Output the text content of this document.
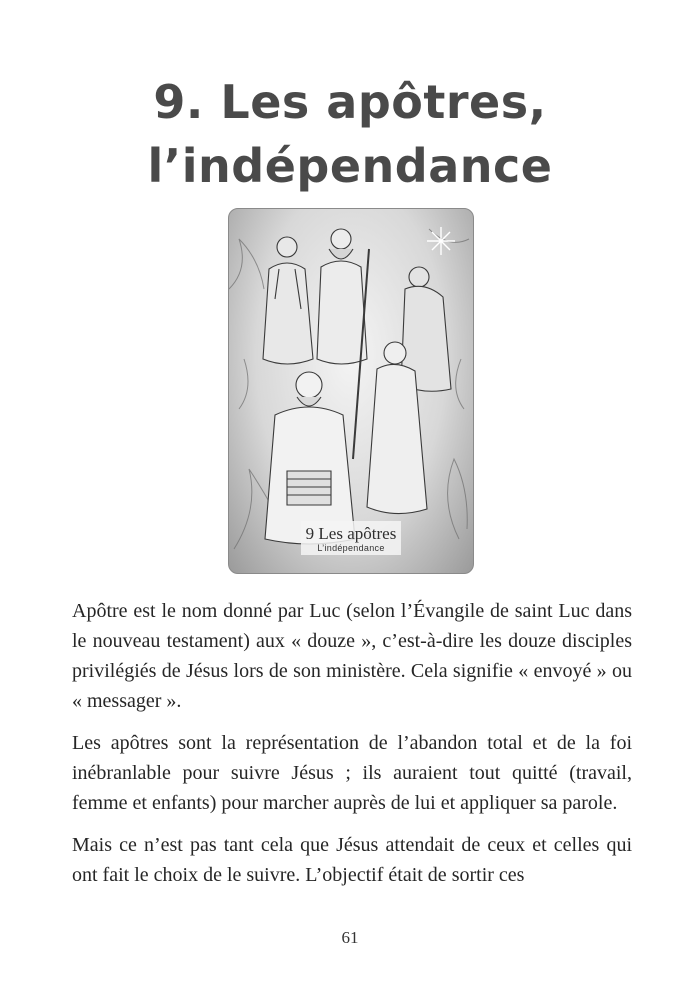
9. Les apôtres,
l’indépendance
9 Les apôtres
L’indépendance

Apôtre est le nom donné par Luc (selon l’Évangile de saint Luc dans le nouveau testament) aux « douze », c’est-à-dire les douze disciples privilégiés de Jésus lors de son ministère. Cela signifie « envoyé » ou « messager ».

Les apôtres sont la représentation de l’abandon total et de la foi inébranlable pour suivre Jésus ; ils auraient tout quitté (travail, femme et enfants) pour marcher auprès de lui et appliquer sa parole.

Mais ce n’est pas tant cela que Jésus attendait de ceux et celles qui ont fait le choix de le suivre. L’objectif était de sortir ces

61
